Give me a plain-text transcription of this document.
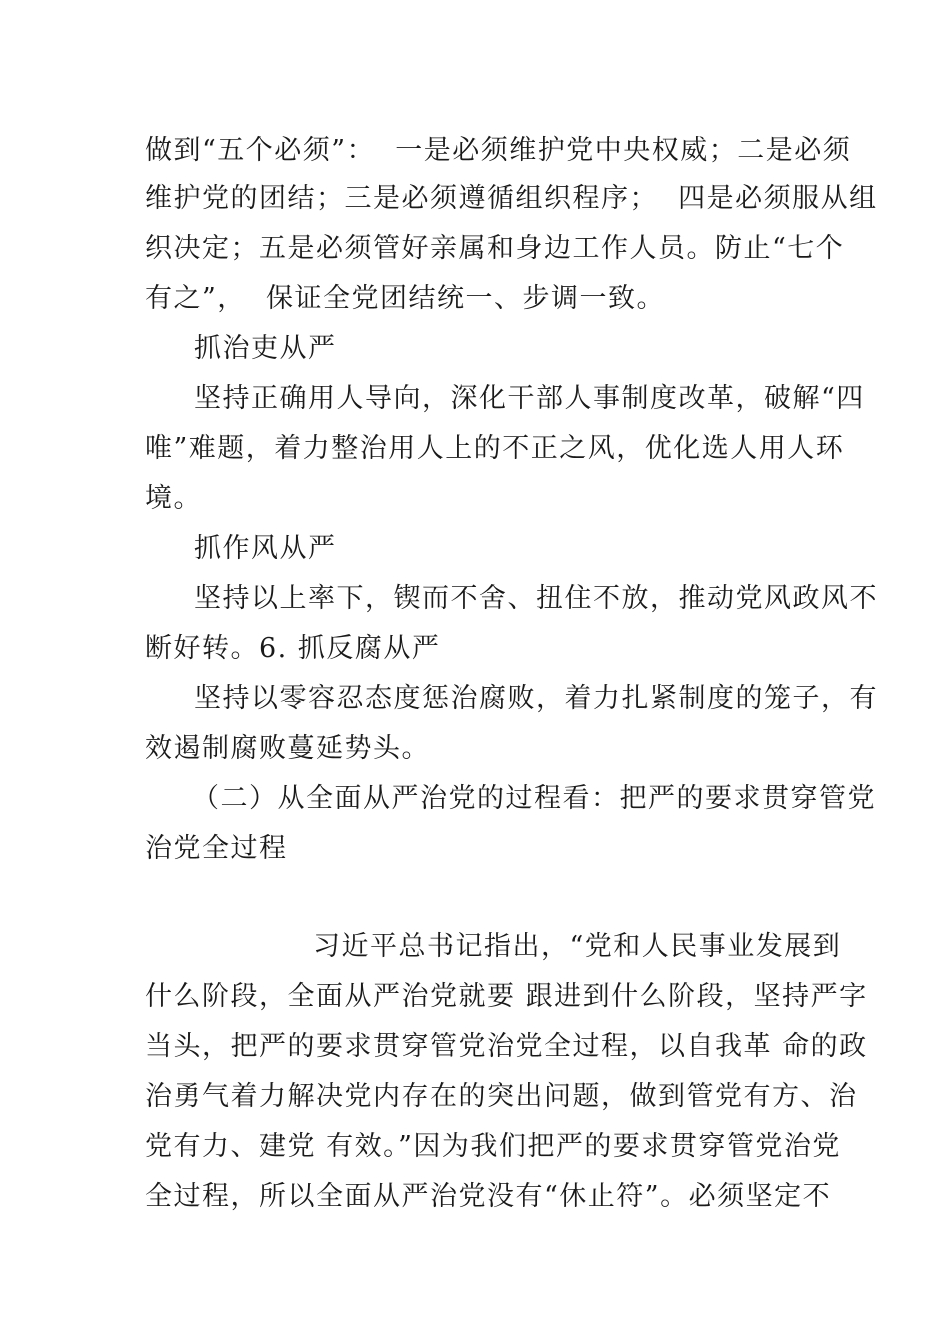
做到“五个必须”：  一是必须维护党中央权威；二是必须
维护党的团结；三是必须遵循组织程序；  四是必须服从组
织决定；五是必须管好亲属和身边工作人员。防止“七个
有之”，  保证全党团结统一、步调一致。
抓治吏从严
坚持正确用人导向，深化干部人事制度改革，破解“四
唯”难题，着力整治用人上的不正之风，优化选人用人环
境。
抓作风从严
坚持以上率下，锲而不舍、扭住不放，推动党风政风不
断好转。6. 抓反腐从严
坚持以零容忍态度惩治腐败，着力扎紧制度的笼子，有
效遏制腐败蔓延势头。
（二）从全面从严治党的过程看：把严的要求贯穿管党
治党全过程
习近平总书记指出，“党和人民事业发展到
什么阶段，全面从严治党就要 跟进到什么阶段，坚持严字
当头，把严的要求贯穿管党治党全过程，以自我革 命的政
治勇气着力解决党内存在的突出问题，做到管党有方、治
党有力、建党 有效。”因为我们把严的要求贯穿管党治党
全过程，所以全面从严治党没有“休止符”。必须坚定不
